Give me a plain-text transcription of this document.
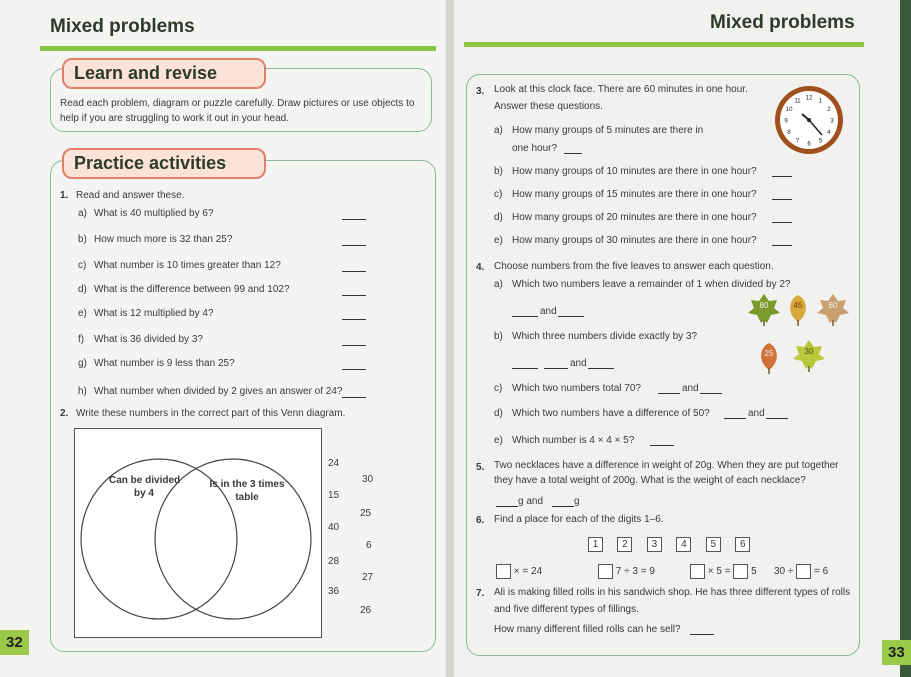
Mixed problems
Learn and revise
Read each problem, diagram or puzzle carefully. Draw pictures or use objects to
help if you are struggling to work it out in your head.
Practice activities
1. Read and answer these.
a) What is 40 multiplied by 6?
b) How much more is 32 than 25?
c) What number is 10 times greater than 12?
d) What is the difference between 99 and 102?
e) What is 12 multiplied by 4?
f) What is 36 divided by 3?
g) What number is 9 less than 25?
h) What number when divided by 2 gives an answer of 24?
2. Write these numbers in the correct part of this Venn diagram.
Can be divided
by 4
Is in the 3 times
table
24
30
15
25
40
6
28
27
36
26
32
Mixed problems
3. Look at this clock face. There are 60 minutes in one hour.
Answer these questions.
a) How many groups of 5 minutes are there in
one hour?
b) How many groups of 10 minutes are there in one hour?
c) How many groups of 15 minutes are there in one hour?
d) How many groups of 20 minutes are there in one hour?
e) How many groups of 30 minutes are there in one hour?
12
1
2
3
4
5
6
7
8
9
10
11
4. Choose numbers from the five leaves to answer each question.
a) Which two numbers leave a remainder of 1 when divided by 2?
and
b) Which three numbers divide exactly by 3?
and
c) Which two numbers total 70?	and
d) Which two numbers have a difference of 50?	and
e) Which number is 4 × 4 × 5?
80	45	60
25	30
5. Two necklaces have a difference in weight of 20g. When they are put together
they have a total weight of 200g. What is the weight of each necklace?
g and	g
6. Find a place for each of the digits 1–6.
1 2 3 4 5 6
× = 24	7 ÷ 3 = 9	× 5 = 5 30 ÷ = 6
7. Ali is making filled rolls in his sandwich shop. He has three different types of rolls
and five different types of fillings.
How many different filled rolls can he sell?
33
